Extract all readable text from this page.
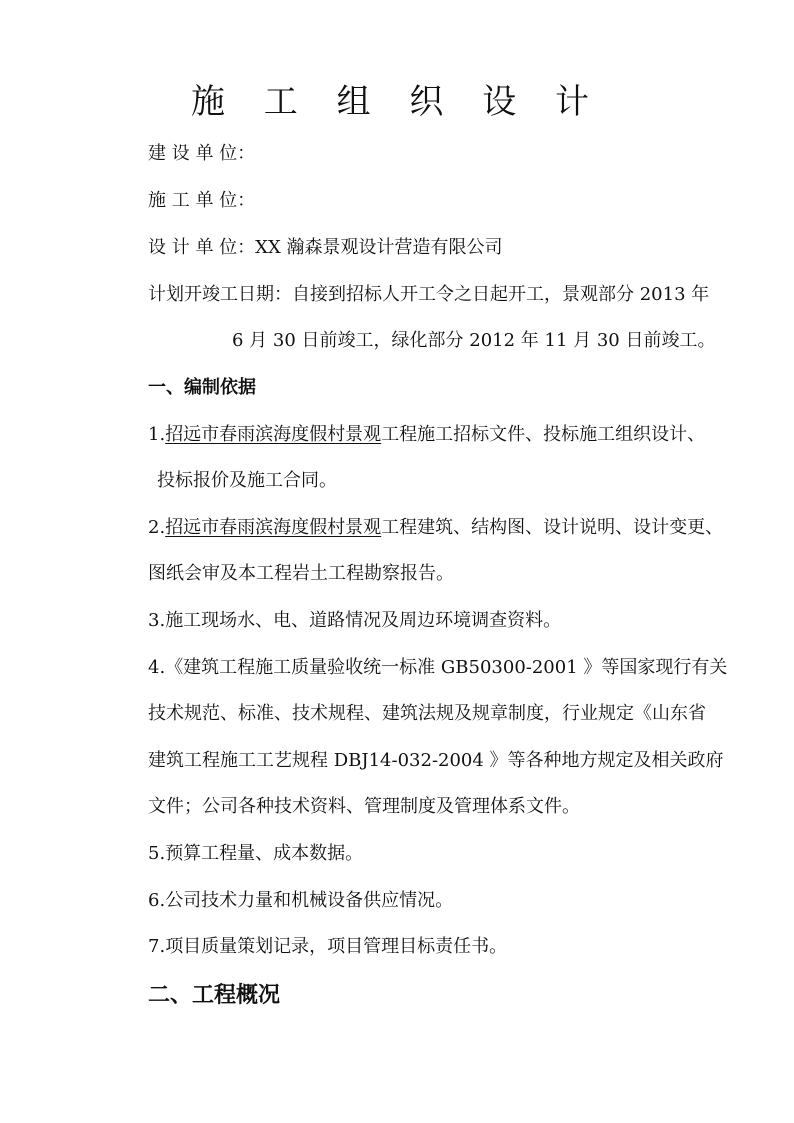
施 工 组 织 设 计
建 设 单 位：
施 工 单 位：
设 计 单 位：XX 瀚森景观设计营造有限公司
计划开竣工日期：自接到招标人开工令之日起开工，景观部分 2013 年
6 月 30 日前竣工，绿化部分 2012 年 11 月 30 日前竣工。
一、编制依据
1.招远市春雨滨海度假村景观工程施工招标文件、投标施工组织设计、
投标报价及施工合同。
2.招远市春雨滨海度假村景观工程建筑、结构图、设计说明、设计变更、
图纸会审及本工程岩土工程勘察报告。
3.施工现场水、电、道路情况及周边环境调查资料。
4.《建筑工程施工质量验收统一标准 GB50300-2001 》等国家现行有关
技术规范、标准、技术规程、建筑法规及规章制度，行业规定《山东省
建筑工程施工工艺规程 DBJ14-032-2004 》等各种地方规定及相关政府
文件；公司各种技术资料、管理制度及管理体系文件。
5.预算工程量、成本数据。
6.公司技术力量和机械设备供应情况。
7.项目质量策划记录，项目管理目标责任书。
二、工程概况
